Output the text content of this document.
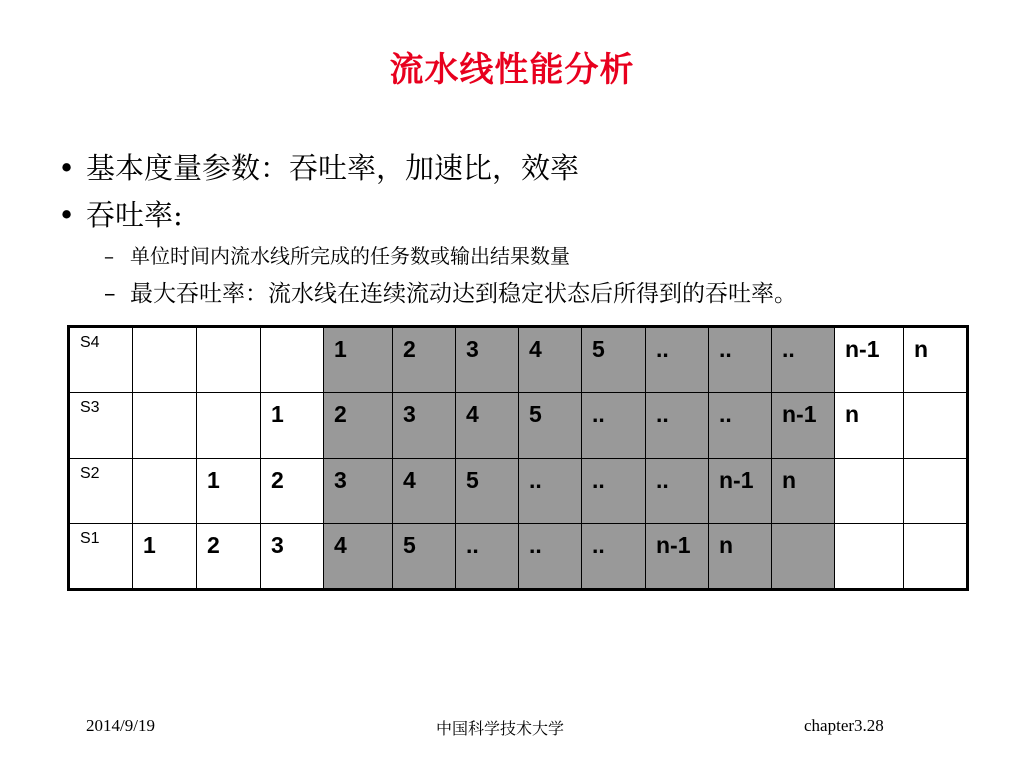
流水线性能分析
• 基本度量参数：吞吐率，加速比，效率
• 吞吐率:
– 单位时间内流水线所完成的任务数或输出结果数量
– 最大吞吐率：流水线在连续流动达到稳定状态后所得到的吞吐率。
S4				1	2	3	4	5	..	..	..	n-1	n

S3			1	2	3	4	5	..	..	..	n-1	n	

S2		1	2	3	4	5	..	..	..	n-1	n		

S1	1	2	3	4	5	..	..	..	n-1	n			

2014/9/19	中国科学技术大学	chapter3.28
